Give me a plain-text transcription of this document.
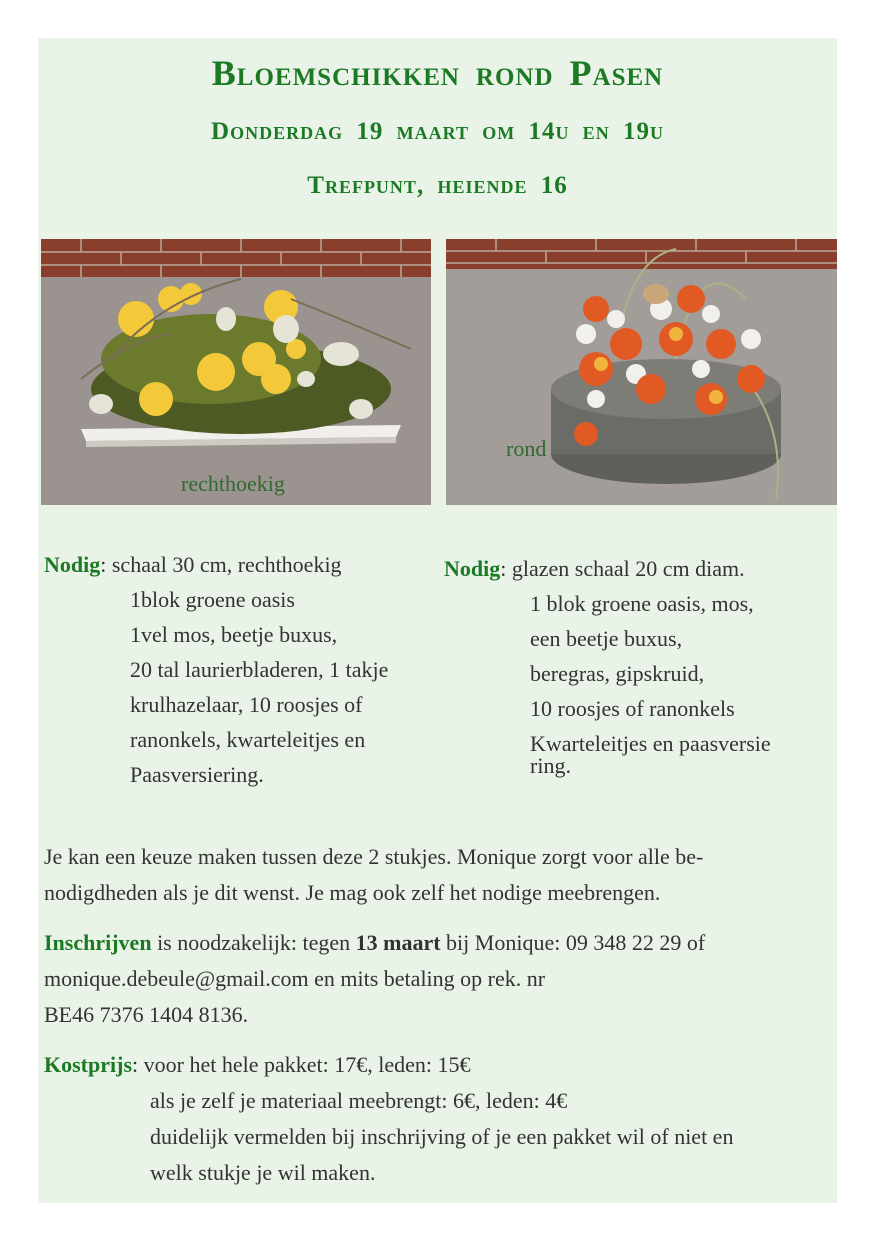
Bloemschikken rond Pasen
Donderdag 19 maart om 14u en 19u
Trefpunt, heiende 16
rechthoekig
rond
Nodig: schaal 30 cm, rechthoekig
1blok groene oasis
1vel mos, beetje buxus,
20 tal laurierbladeren, 1 takje
krulhazelaar, 10 roosjes of
ranonkels, kwarteleitjes en
Paasversiering.
Nodig: glazen schaal 20 cm diam.
1 blok groene oasis, mos,
een beetje buxus,
beregras, gipskruid,
10 roosjes of ranonkels
Kwarteleitjes en paasversie
ring.
Je kan een keuze maken tussen deze 2 stukjes. Monique zorgt voor alle be-
nodigdheden als je dit wenst. Je mag ook zelf het nodige meebrengen.
Inschrijven is noodzakelijk: tegen 13 maart bij Monique: 09 348 22 29 of
monique.debeule@gmail.com en mits betaling op rek. nr
BE46 7376 1404 8136.
Kostprijs: voor het hele pakket: 17€, leden: 15€
als je zelf je materiaal meebrengt: 6€, leden: 4€
duidelijk vermelden bij inschrijving of je een pakket wil of niet en
welk stukje je wil maken.
